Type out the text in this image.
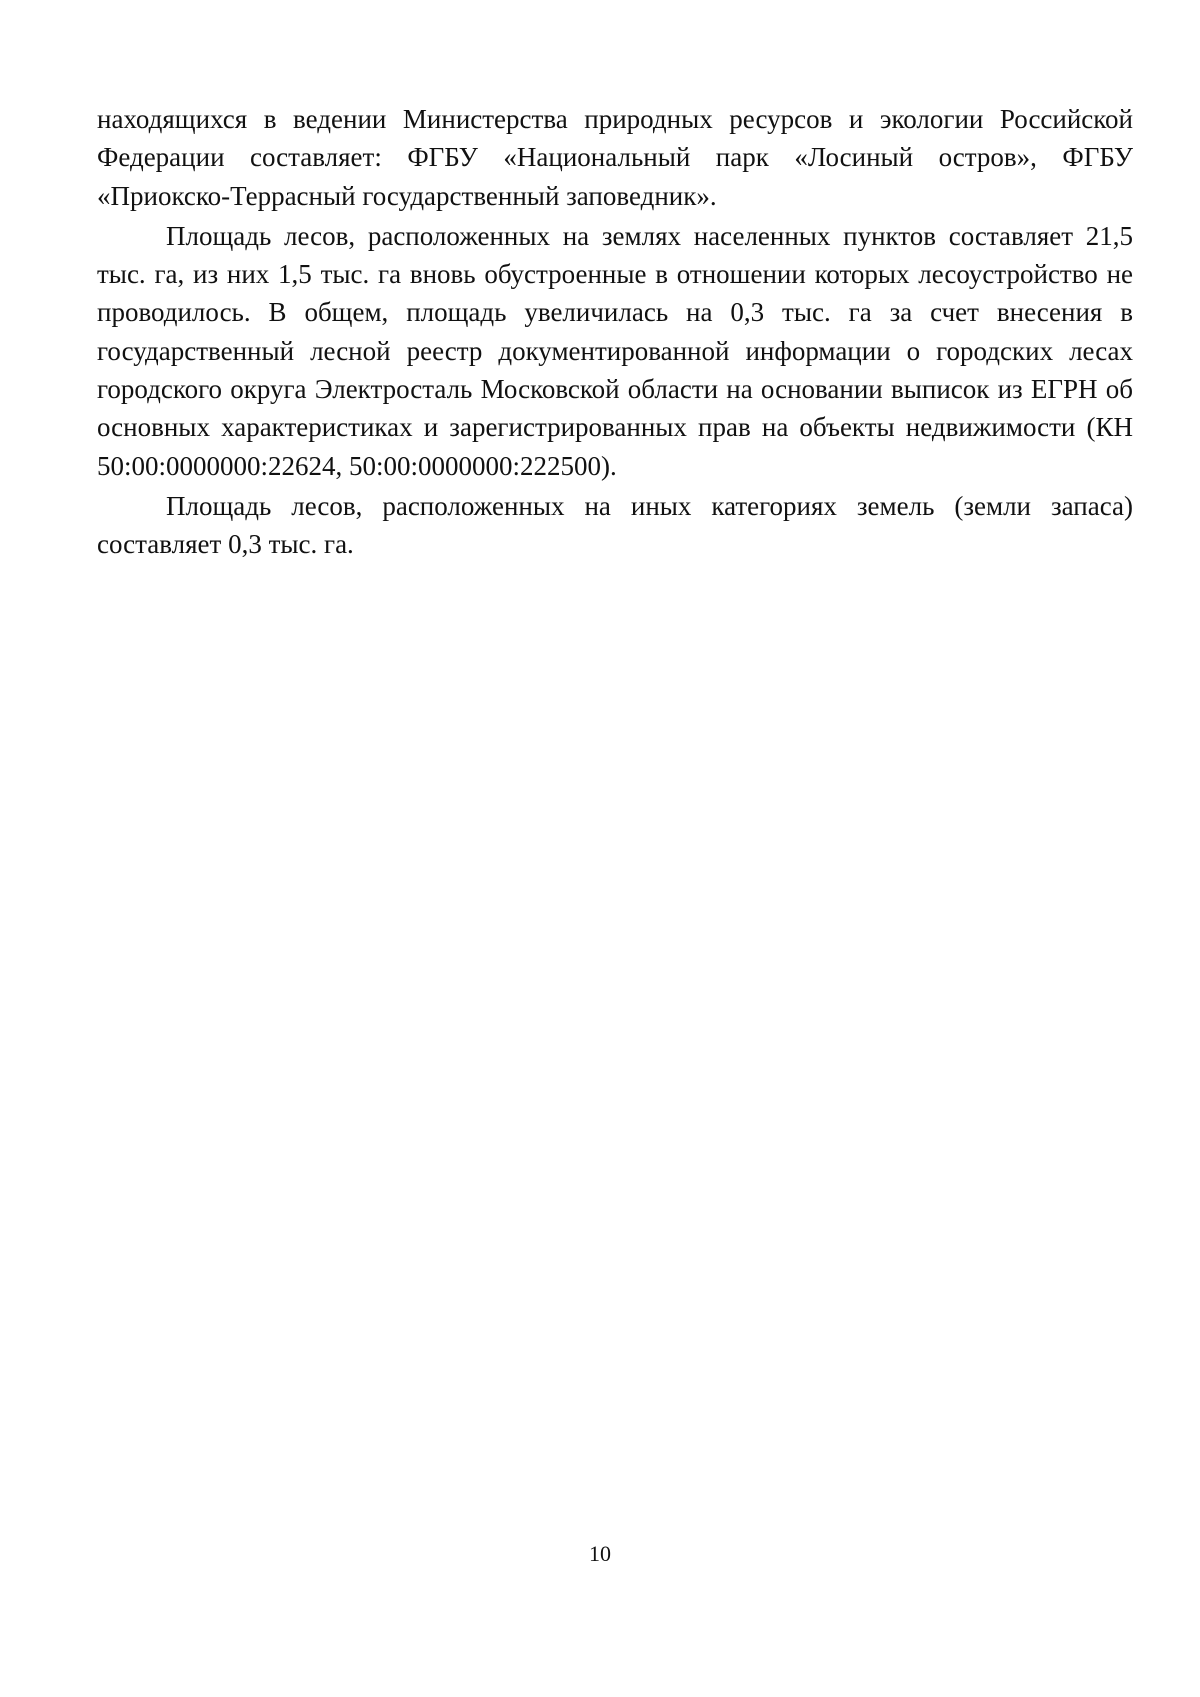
находящихся в ведении Министерства природных ресурсов и экологии Российской Федерации составляет: ФГБУ «Национальный парк «Лосиный остров», ФГБУ «Приокско-Террасный государственный заповедник».

Площадь лесов, расположенных на землях населенных пунктов составляет 21,5 тыс. га, из них 1,5 тыс. га вновь обустроенные в отношении которых лесоустройство не проводилось. В общем, площадь увеличилась на 0,3 тыс. га за счет внесения в государственный лесной реестр документированной информации о городских лесах городского округа Электросталь Московской области на основании выписок из ЕГРН об основных характеристиках и зарегистрированных прав на объекты недвижимости (КН 50:00:0000000:22624, 50:00:0000000:222500).

Площадь лесов, расположенных на иных категориях земель (земли запаса) составляет 0,3 тыс. га.

10
